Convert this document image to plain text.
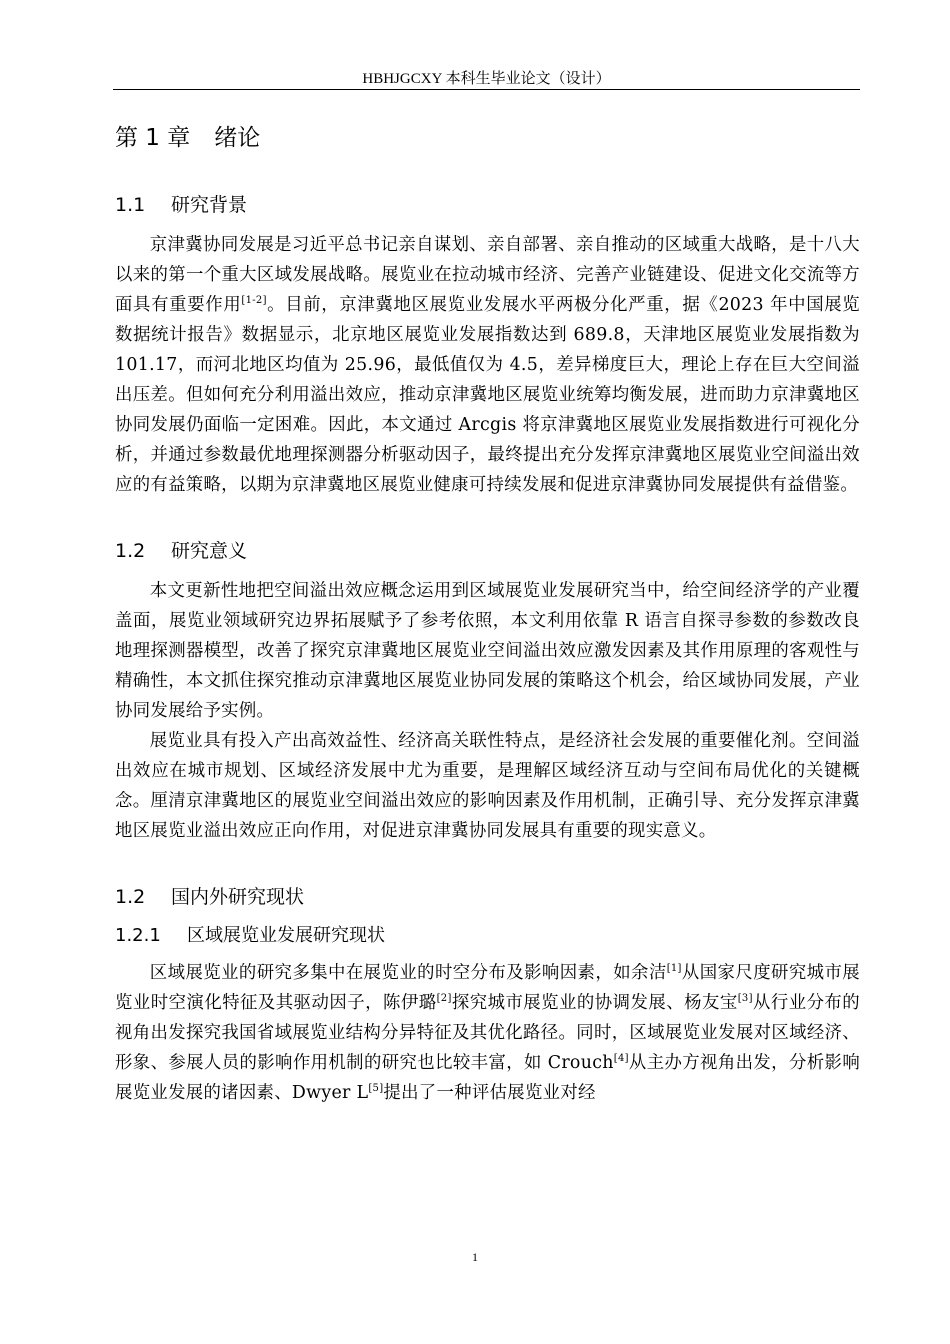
HBHJGCXY 本科生毕业论文（设计）
第 1 章 绪论
1.1 研究背景

京津冀协同发展是习近平总书记亲自谋划、亲自部署、亲自推动的区域重大战略，是十八大以来的第一个重大区域发展战略。展览业在拉动城市经济、完善产业链建设、促进文化交流等方面具有重要作用[1-2]。目前，京津冀地区展览业发展水平两极分化严重，据《2023 年中国展览数据统计报告》数据显示，北京地区展览业发展指数达到 689.8，天津地区展览业发展指数为 101.17，而河北地区均值为 25.96，最低值仅为 4.5，差异梯度巨大，理论上存在巨大空间溢出压差。但如何充分利用溢出效应，推动京津冀地区展览业统筹均衡发展，进而助力京津冀地区协同发展仍面临一定困难。因此，本文通过 Arcgis 将京津冀地区展览业发展指数进行可视化分析，并通过参数最优地理探测器分析驱动因子，最终提出充分发挥京津冀地区展览业空间溢出效应的有益策略，以期为京津冀地区展览业健康可持续发展和促进京津冀协同发展提供有益借鉴。

1.2 研究意义

本文更新性地把空间溢出效应概念运用到区域展览业发展研究当中，给空间经济学的产业覆盖面，展览业领域研究边界拓展赋予了参考依照，本文利用依靠 R 语言自探寻参数的参数改良地理探测器模型，改善了探究京津冀地区展览业空间溢出效应激发因素及其作用原理的客观性与精确性，本文抓住探究推动京津冀地区展览业协同发展的策略这个机会，给区域协同发展，产业协同发展给予实例。

展览业具有投入产出高效益性、经济高关联性特点，是经济社会发展的重要催化剂。空间溢出效应在城市规划、区域经济发展中尤为重要，是理解区域经济互动与空间布局优化的关键概念。厘清京津冀地区的展览业空间溢出效应的影响因素及作用机制，正确引导、充分发挥京津冀地区展览业溢出效应正向作用，对促进京津冀协同发展具有重要的现实意义。

1.2 国内外研究现状
1.2.1 区域展览业发展研究现状

区域展览业的研究多集中在展览业的时空分布及影响因素，如余洁[1]从国家尺度研究城市展览业时空演化特征及其驱动因子，陈伊璐[2]探究城市展览业的协调发展、杨友宝[3]从行业分布的视角出发探究我国省域展览业结构分异特征及其优化路径。同时，区域展览业发展对区域经济、形象、参展人员的影响作用机制的研究也比较丰富，如 Crouch[4]从主办方视角出发，分析影响展览业发展的诸因素、Dwyer L[5]提出了一种评估展览业对经

1
